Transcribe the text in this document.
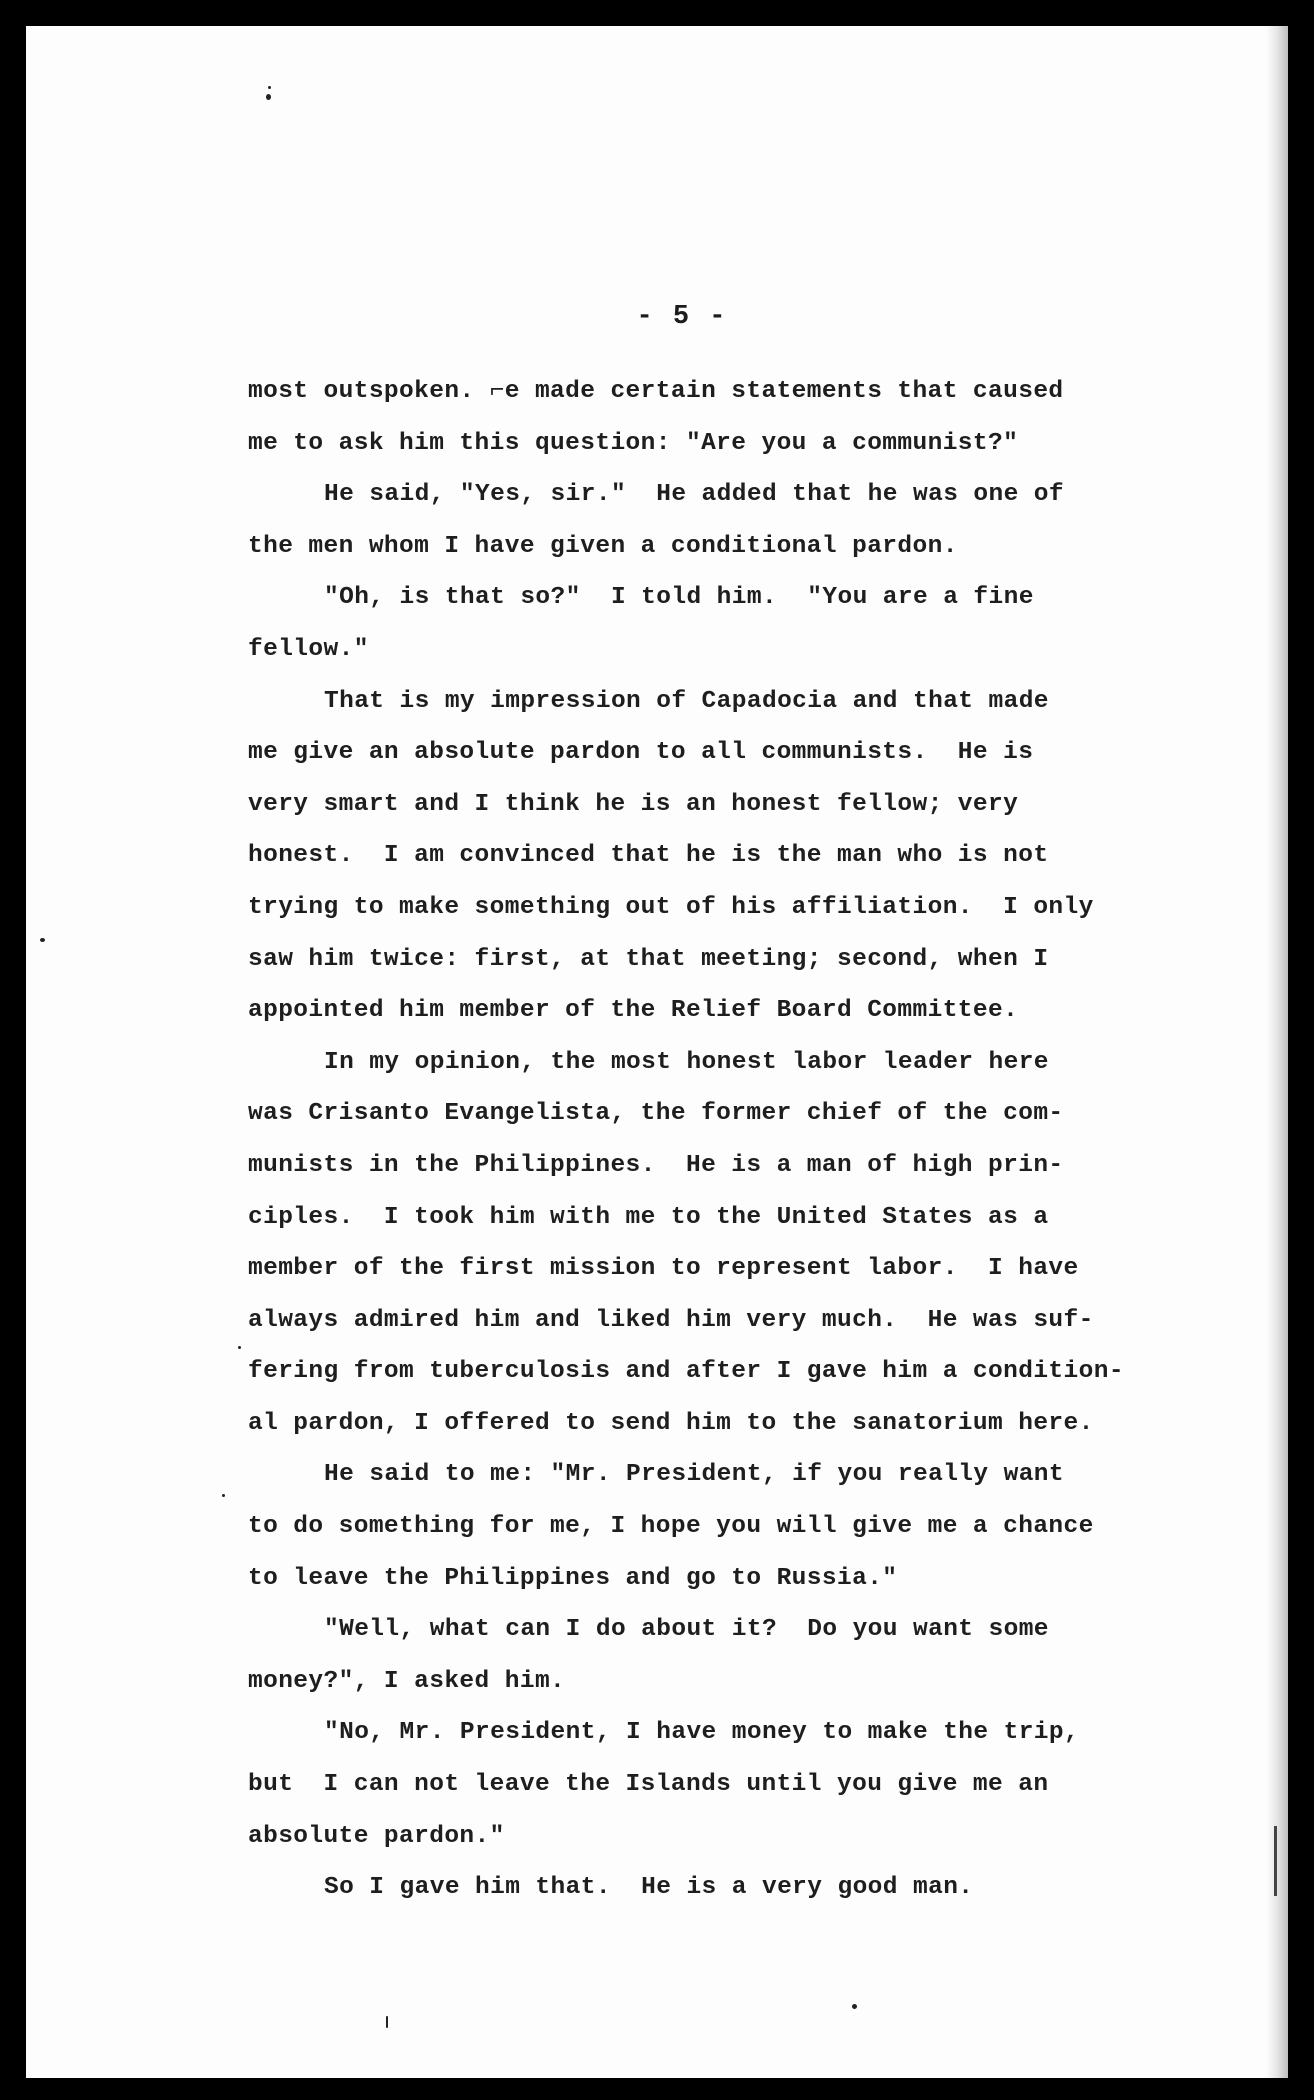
- 5 -
most outspoken. ⌐e made certain statements that caused
me to ask him this question: "Are you a communist?"
He said, "Yes, sir."  He added that he was one of
the men whom I have given a conditional pardon.
"Oh, is that so?"  I told him.  "You are a fine
fellow."
That is my impression of Capadocia and that made
me give an absolute pardon to all communists.  He is
very smart and I think he is an honest fellow; very
honest.  I am convinced that he is the man who is not
trying to make something out of his affiliation.  I only
saw him twice: first, at that meeting; second, when I
appointed him member of the Relief Board Committee.
In my opinion, the most honest labor leader here
was Crisanto Evangelista, the former chief of the com-
munists in the Philippines.  He is a man of high prin-
ciples.  I took him with me to the United States as a
member of the first mission to represent labor.  I have
always admired him and liked him very much.  He was suf-
fering from tuberculosis and after I gave him a condition-
al pardon, I offered to send him to the sanatorium here.
He said to me: "Mr. President, if you really want
to do something for me, I hope you will give me a chance
to leave the Philippines and go to Russia."
"Well, what can I do about it?  Do you want some
money?", I asked him.
"No, Mr. President, I have money to make the trip,
but  I can not leave the Islands until you give me an
absolute pardon."
So I gave him that.  He is a very good man.
